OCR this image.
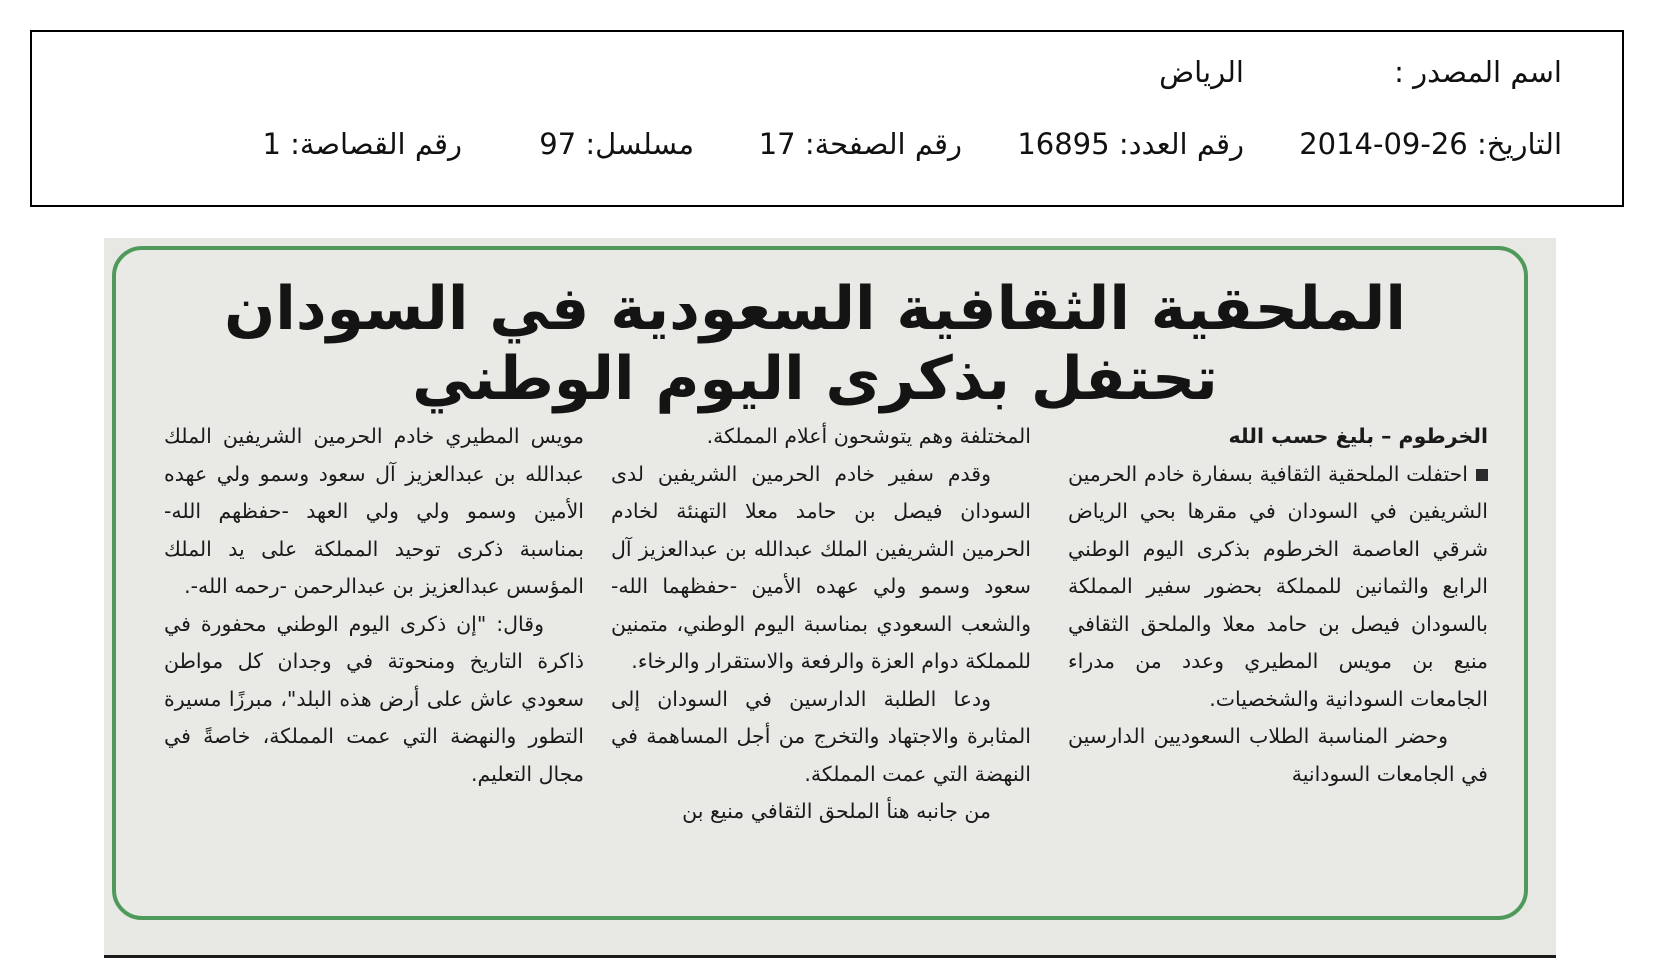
اسم المصدر :
الرياض
التاريخ: 2014-09-26
رقم العدد: 16895
رقم الصفحة: 17
مسلسل: 97
رقم القصاصة: 1
الملحقية الثقافية السعودية في السودان تحتفل بذكرى اليوم الوطني

الخرطوم – بليغ حسب الله

احتفلت الملحقية الثقافية بسفارة خادم الحرمين الشريفين في السودان في مقرها بحي الرياض شرقي العاصمة الخرطوم بذكرى اليوم الوطني الرابع والثمانين للمملكة بحضور سفير المملكة بالسودان فيصل بن حامد معلا والملحق الثقافي منيع بن مويس المطيري وعدد من مدراء الجامعات السودانية والشخصيات.

وحضر المناسبة الطلاب السعوديين الدارسين في الجامعات السودانية

المختلفة وهم يتوشحون أعلام المملكة.

وقدم سفير خادم الحرمين الشريفين لدى السودان فيصل بن حامد معلا التهنئة لخادم الحرمين الشريفين الملك عبدالله بن عبدالعزيز آل سعود وسمو ولي عهده الأمين -حفظهما الله- والشعب السعودي بمناسبة اليوم الوطني، متمنين للمملكة دوام العزة والرفعة والاستقرار والرخاء.

ودعا الطلبة الدارسين في السودان إلى المثابرة والاجتهاد والتخرج من أجل المساهمة في النهضة التي عمت المملكة.

من جانبه هنأ الملحق الثقافي منيع بن

مويس المطيري خادم الحرمين الشريفين الملك عبدالله بن عبدالعزيز آل سعود وسمو ولي عهده الأمين وسمو ولي ولي العهد -حفظهم الله- بمناسبة ذكرى توحيد المملكة على يد الملك المؤسس عبدالعزيز بن عبدالرحمن -رحمه الله-.

وقال: "إن ذكرى اليوم الوطني محفورة في ذاكرة التاريخ ومنحوتة في وجدان كل مواطن سعودي عاش على أرض هذه البلد"، مبرزًا مسيرة التطور والنهضة التي عمت المملكة، خاصةً في مجال التعليم.
